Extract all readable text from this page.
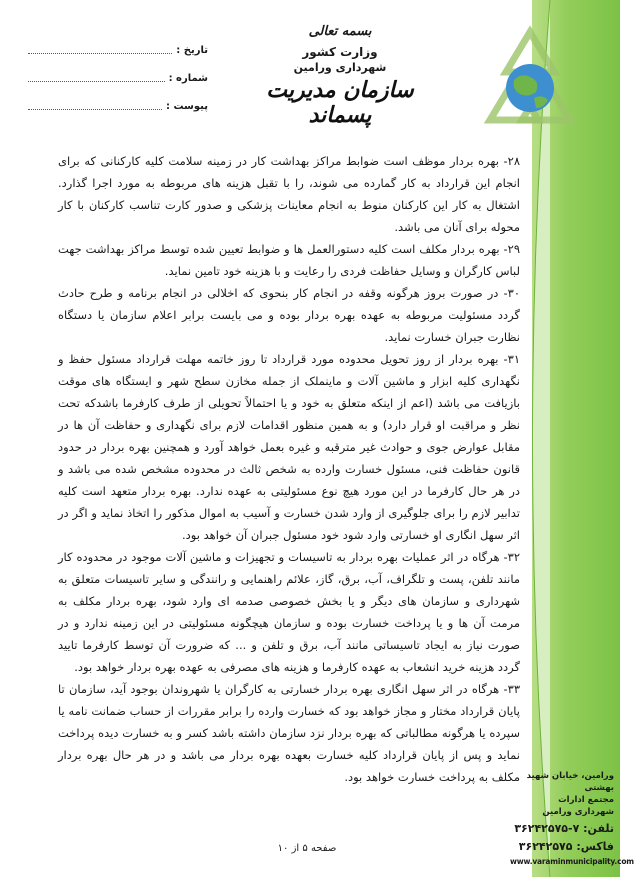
بسمه تعالی
وزارت کشور
شهرداری ورامین
سازمان مدیریت پسماند
تاریخ :
شماره :
پیوست :

۲۸- بهره بردار موظف است ضوابط مراکز بهداشت کار در زمینه سلامت کلیه کارکنانی که برای انجام این قرارداد به کار گمارده می شوند، را با تقبل هزینه های مربوطه به مورد اجرا گذارد. اشتغال به کار این کارکنان منوط به انجام معاینات پزشکی و صدور کارت تناسب کارکنان با کار محوله برای آنان می باشد.

۲۹- بهره بردار مکلف است کلیه دستورالعمل ها و ضوابط تعیین شده توسط مراکز بهداشت جهت لباس کارگران و وسایل حفاظت فردی را رعایت و با هزینه خود تامین نماید.

۳۰- در صورت بروز هرگونه وقفه در انجام کار بنحوی که اخلالی در انجام برنامه و طرح حادث گردد مسئولیت مربوطه به عهده بهره بردار بوده و می بایست برابر اعلام سازمان یا دستگاه نظارت جبران خسارت نماید.

۳۱- بهره بردار از روز تحویل محدوده مورد قرارداد تا روز خاتمه مهلت قرارداد مسئول حفظ و نگهداری کلیه ابزار و ماشین آلات و ماینملک از جمله مخازن سطح شهر و ایستگاه های موقت بازیافت می باشد (اعم از اینکه متعلق به خود و یا احتمالاً تحویلی از طرف کارفرما باشدکه تحت نظر و مراقبت او قرار دارد) و به همین منظور اقدامات لازم برای نگهداری و حفاظت آن ها در مقابل عوارض جوی و حوادث غیر مترقبه و غیره بعمل خواهد آورد و همچنین بهره بردار در حدود قانون حفاظت فنی، مسئول خسارت وارده به شخص ثالث در محدوده مشخص شده می باشد و در هر حال کارفرما در این مورد هیچ نوع مسئولیتی به عهده ندارد. بهره بردار متعهد است کلیه تدابیر لازم را برای جلوگیری از وارد شدن خسارت و آسیب به اموال مذکور را اتخاذ نماید و اگر در اثر سهل انگاری او خسارتی وارد شود خود مسئول جبران آن خواهد بود.

۳۲- هرگاه در اثر عملیات بهره بردار به تاسیسات و تجهیزات و ماشین آلات موجود در محدوده کار مانند تلفن، پست و تلگراف، آب، برق، گاز، علائم راهنمایی و رانندگی و سایر تاسیسات متعلق به شهرداری و سازمان های دیگر و یا بخش خصوصی صدمه ای وارد شود، بهره بردار مکلف به مرمت آن ها و یا پرداخت خسارت بوده و سازمان هیچگونه مسئولیتی در این زمینه ندارد و در صورت نیاز به ایجاد تاسیساتی مانند آب، برق و تلفن و ... که ضرورت آن توسط کارفرما تایید گردد هزینه خرید انشعاب به عهده کارفرما و هزینه های مصرفی به عهده بهره بردار خواهد بود.

۳۳- هرگاه در اثر سهل انگاری بهره بردار خسارتی به کارگران یا شهروندان بوجود آید، سازمان تا پایان قرارداد مختار و مجاز خواهد بود که خسارت وارده را برابر مقررات از حساب ضمانت نامه یا سپرده یا هرگونه مطالباتی که بهره بردار نزد سازمان داشته باشد کسر و به خسارت دیده پرداخت نماید و پس از پایان قرارداد کلیه خسارت بعهده بهره بردار می باشد و در هر حال بهره بردار مکلف به پرداخت خسارت خواهد بود. ورامین، خیابان شهید بهشتی
مجتمع ادارات
شهرداری ورامین
تلفن: ۷-۳۶۲۴۲۵۷۵
فاکس: ۳۶۲۴۲۵۷۵
www.varaminmunicipality.com
صفحه ۵ از ۱۰
